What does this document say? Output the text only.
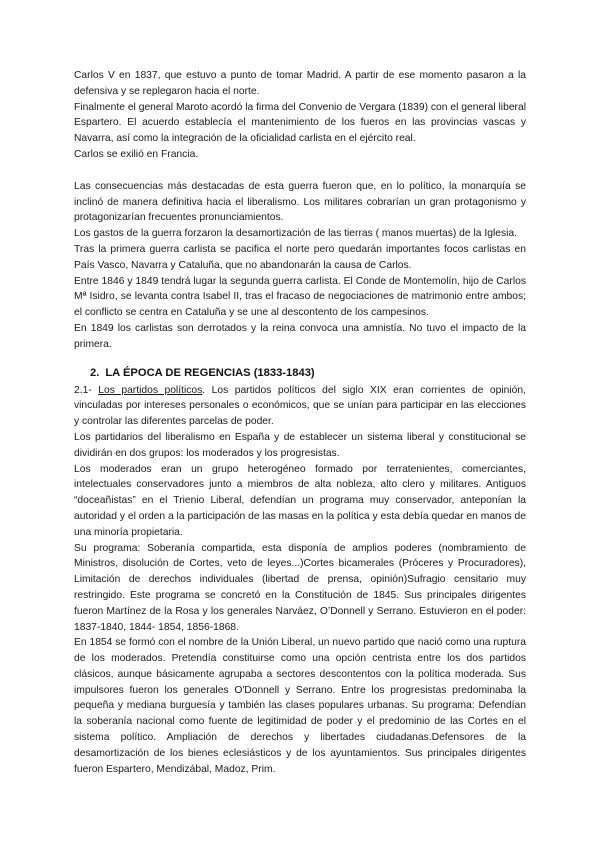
Carlos V en 1837, que estuvo a punto de tomar Madrid. A partir de ese momento pasaron a la defensiva y se replegaron hacia el norte.

Finalmente el general Maroto acordó la firma del Convenio de Vergara (1839) con el general liberal Espartero. El acuerdo establecía el mantenimiento de los fueros en las provincias vascas y Navarra, así como la integración de la oficialidad carlista en el ejército real.

Carlos se exilió en Francia.

Las consecuencias más destacadas de esta guerra fueron que, en lo político, la monarquía se inclinó de manera definitiva hacia el liberalismo. Los militares cobrarían un gran protagonismo y protagonizarían frecuentes pronunciamientos.

Los gastos de la guerra forzaron la desamortización de las tierras ( manos muertas) de la Iglesia.

Tras la primera guerra carlista se pacifica el norte pero quedarán importantes focos carlistas en País Vasco, Navarra y Cataluña, que no abandonarán la causa de Carlos.

Entre 1846 y 1849 tendrá lugar la segunda guerra carlista. El Conde de Montemolín, hijo de Carlos Mª Isidro, se levanta contra Isabel II, tras el fracaso de negociaciones de matrimonio entre ambos; el conflicto se centra en Cataluña y se une al descontento de los campesinos.

En 1849 los carlistas son derrotados y la reina convoca una amnistía. No tuvo el impacto de la primera.

2. LA ÉPOCA DE REGENCIAS (1833-1843)

2.1- Los partidos políticos. Los partidos políticos del siglo XIX eran corrientes de opinión, vinculadas por intereses personales o económicos, que se unían para participar en las elecciones y controlar las diferentes parcelas de poder.

Los partidarios del liberalismo en España y de establecer un sistema liberal y constitucional se dividirán en dos grupos: los moderados y los progresistas.

Los moderados eran un grupo heterogéneo formado por terratenientes, comerciantes, intelectuales conservadores junto a miembros de alta nobleza, alto clero y militares. Antiguos “doceañistas” en el Trienio Liberal, defendían un programa muy conservador, anteponían la autoridad y el orden a la participación de las masas en la política y esta debía quedar en manos de una minoría propietaria.

Su programa: Soberanía compartida, esta disponía de amplios poderes (nombramiento de Ministros, disolución de Cortes, veto de leyes...)Cortes bicamerales (Próceres y Procuradores), Limitación de derechos individuales (libertad de prensa, opinión)Sufragio censitario muy restringido. Este programa se concretó en la Constitución de 1845. Sus principales dirigentes fueron Martínez de la Rosa y los generales Narváez, O’Donnell y Serrano. Estuvieron en el poder: 1837-1840, 1844- 1854, 1856-1868.

En 1854 se formó con el nombre de la Unión Liberal, un nuevo partido que nació como una ruptura de los moderados. Pretendía constituirse como una opción centrista entre los dos partidos clásicos, aunque básicamente agrupaba a sectores descontentos con la política moderada. Sus impulsores fueron los generales O'Donnell y Serrano. Entre los progresistas predominaba la pequeña y mediana burguesía y también las clases populares urbanas. Su programa: Defendían la soberanía nacional como fuente de legitimidad de poder y el predominio de las Cortes en el sistema político. Ampliación de derechos y libertades ciudadanas.Defensores de la desamortización de los bienes eclesiásticos y de los ayuntamientos. Sus principales dirigentes fueron Espartero, Mendizábal, Madoz, Prim.
